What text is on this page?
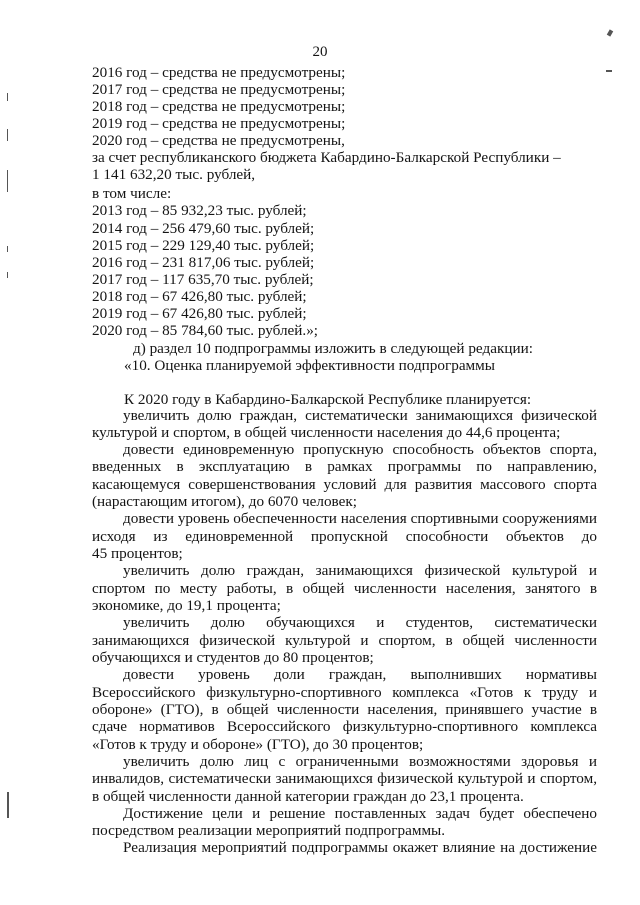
20
2016 год – средства не предусмотрены;
2017 год – средства не предусмотрены;
2018 год – средства не предусмотрены;
2019 год – средства не предусмотрены;
2020 год – средства не предусмотрены,
за счет республиканского бюджета Кабардино-Балкарской Республики –
1 141 632,20 тыс. рублей,
в том числе:
2013 год – 85 932,23 тыс. рублей;
2014 год – 256 479,60 тыс. рублей;
2015 год – 229 129,40 тыс. рублей;
2016 год – 231 817,06 тыс. рублей;
2017 год – 117 635,70 тыс. рублей;
2018 год – 67 426,80 тыс. рублей;
2019 год – 67 426,80 тыс. рублей;
2020 год – 85 784,60 тыс. рублей.»;
д) раздел 10 подпрограммы изложить в следующей редакции:
«10. Оценка планируемой эффективности подпрограммы
К 2020 году в Кабардино-Балкарской Республике планируется:
увеличить долю граждан, систематически занимающихся физической
культурой и спортом, в общей численности населения до 44,6 процента;
довести единовременную пропускную способность объектов спорта,
введенных в эксплуатацию в рамках программы по направлению,
касающемуся совершенствования условий для развития массового спорта
(нарастающим итогом), до 6070 человек;
довести уровень обеспеченности населения спортивными сооружениями
исходя из единовременной пропускной способности объектов до
45 процентов;
увеличить долю граждан, занимающихся физической культурой и
спортом по месту работы, в общей численности населения, занятого в
экономике, до 19,1 процента;
увеличить долю обучающихся и студентов, систематически
занимающихся физической культурой и спортом, в общей численности
обучающихся и студентов до 80 процентов;
довести уровень доли граждан, выполнивших нормативы
Всероссийского физкультурно-спортивного комплекса «Готов к труду и
обороне» (ГТО), в общей численности населения, принявшего участие в
сдаче нормативов Всероссийского физкультурно-спортивного комплекса
«Готов к труду и обороне» (ГТО), до 30 процентов;
увеличить долю лиц с ограниченными возможностями здоровья и
инвалидов, систематически занимающихся физической культурой и спортом,
в общей численности данной категории граждан до 23,1 процента.
Достижение цели и решение поставленных задач будет обеспечено
посредством реализации мероприятий подпрограммы.
Реализация мероприятий подпрограммы окажет влияние на достижение
